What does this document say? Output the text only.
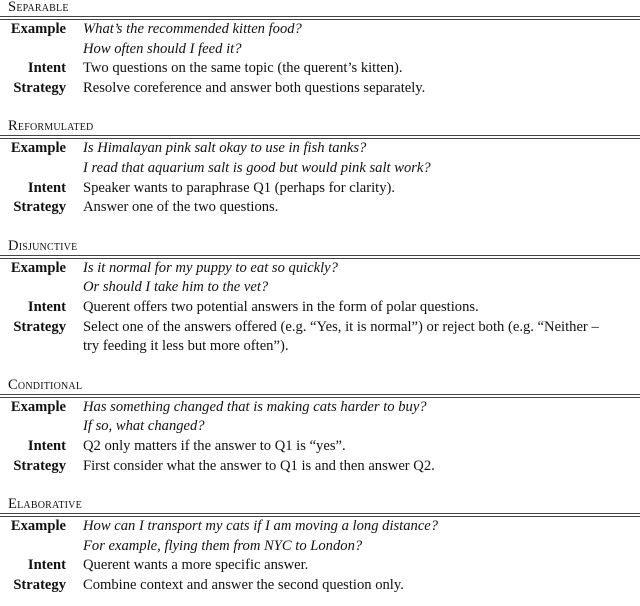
Separable
Example	What’s the recommended kitten food?
How often should I feed it?
Intent	Two questions on the same topic (the querent’s kitten).
Strategy	Resolve coreference and answer both questions separately.
Reformulated
Example	Is Himalayan pink salt okay to use in fish tanks?
I read that aquarium salt is good but would pink salt work?
Intent	Speaker wants to paraphrase Q1 (perhaps for clarity).
Strategy	Answer one of the two questions.
Disjunctive
Example	Is it normal for my puppy to eat so quickly?
Or should I take him to the vet?
Intent	Querent offers two potential answers in the form of polar questions.
Strategy	Select one of the answers offered (e.g. “Yes, it is normal”) or reject both (e.g. “Neither –
try feeding it less but more often”).
Conditional
Example	Has something changed that is making cats harder to buy?
If so, what changed?
Intent	Q2 only matters if the answer to Q1 is “yes”.
Strategy	First consider what the answer to Q1 is and then answer Q2.
Elaborative
Example	How can I transport my cats if I am moving a long distance?
For example, flying them from NYC to London?
Intent	Querent wants a more specific answer.
Strategy	Combine context and answer the second question only.
